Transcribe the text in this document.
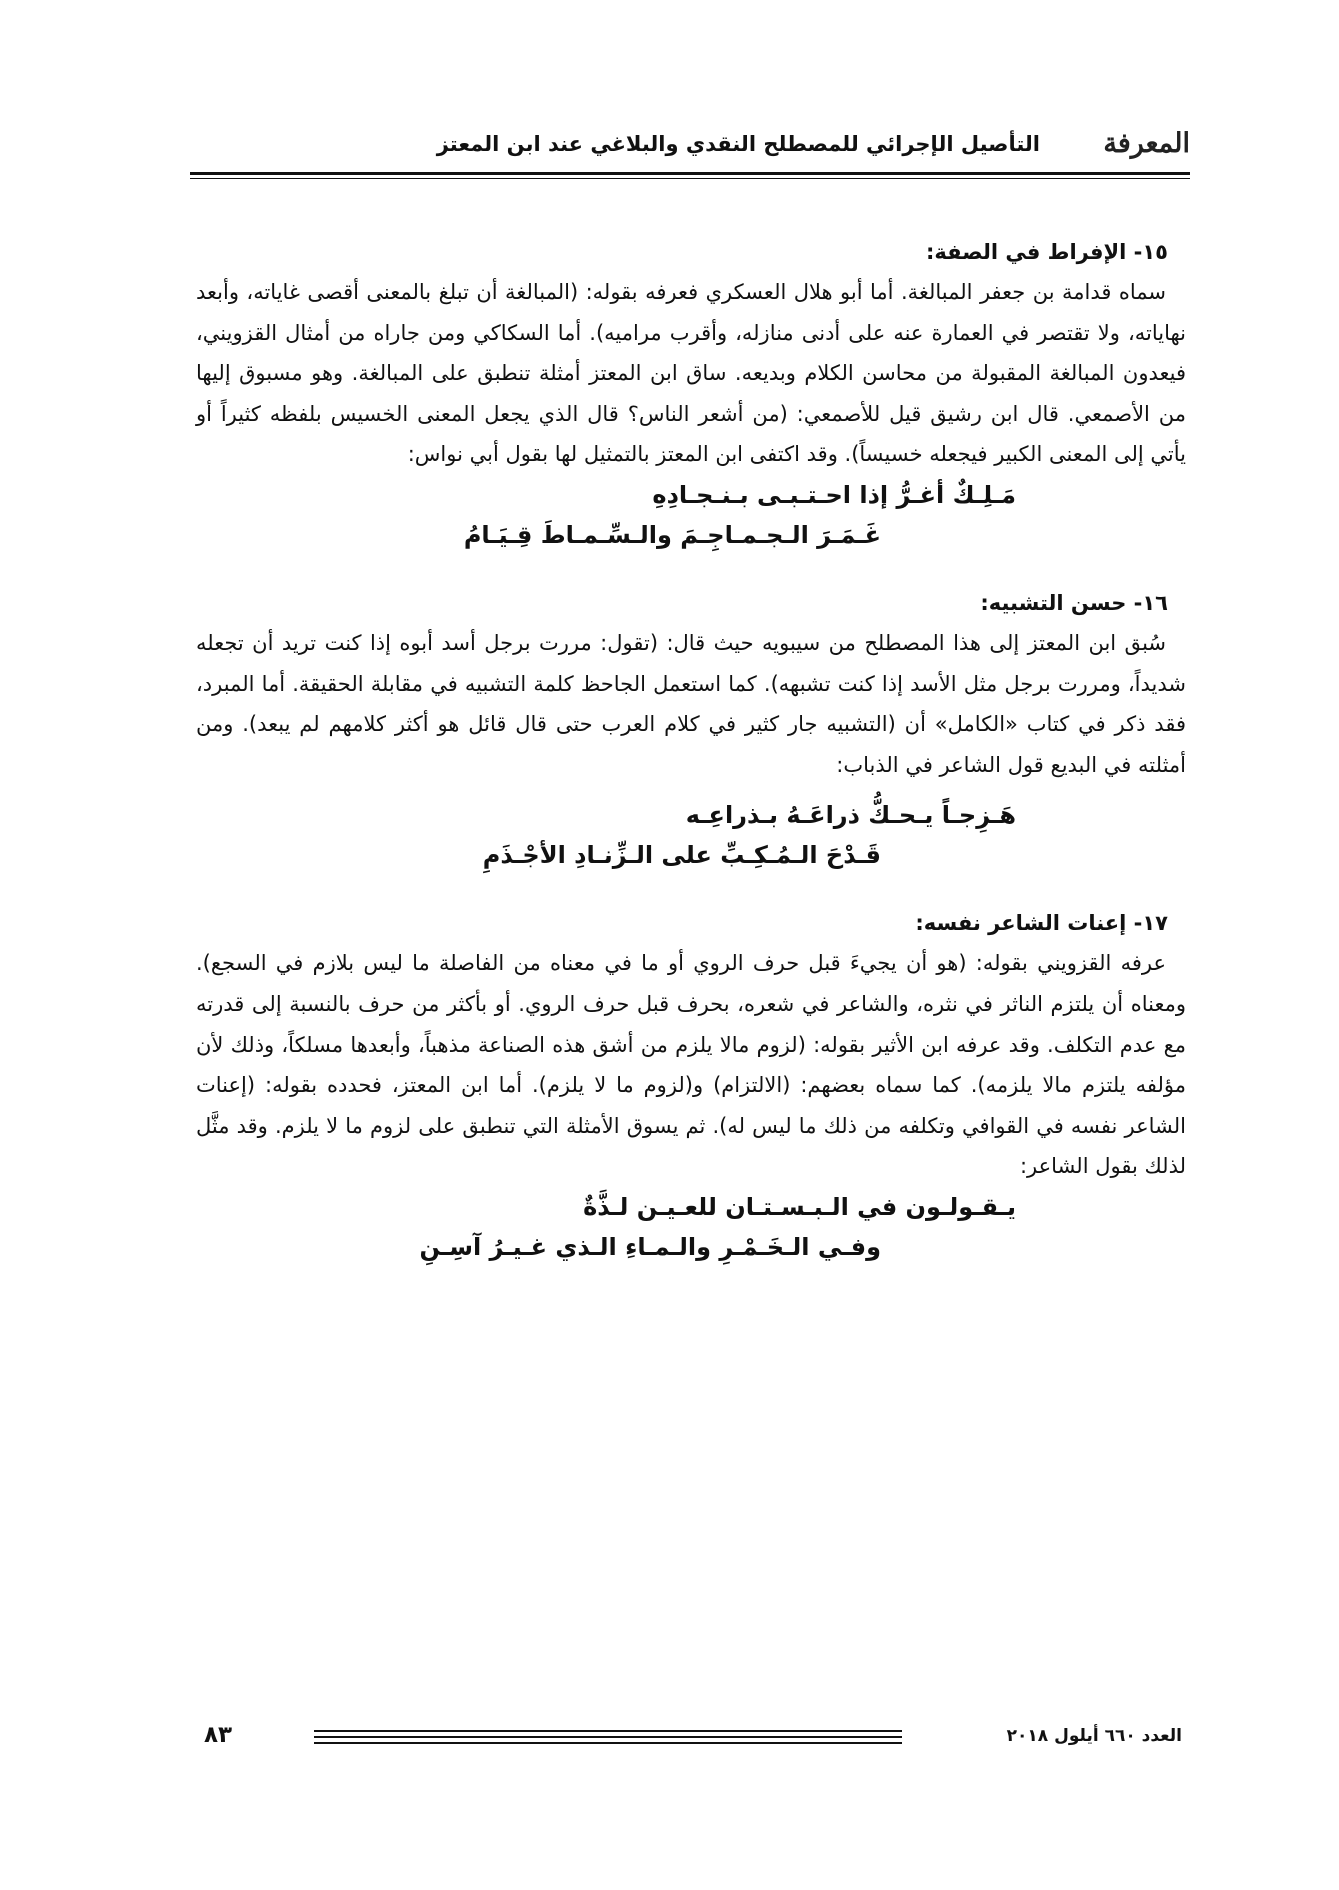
المعرفة
التأصيل الإجرائي للمصطلح النقدي والبلاغي عند ابن المعتز

١٥- الإفراط في الصفة:

سماه قدامة بن جعفر المبالغة. أما أبو هلال العسكري فعرفه بقوله: (المبالغة أن تبلغ بالمعنى أقصى غاياته، وأبعد نهاياته، ولا تقتصر في العمارة عنه على أدنى منازله، وأقرب مراميه). أما السكاكي ومن جاراه من أمثال القزويني، فيعدون المبالغة المقبولة من محاسن الكلام وبديعه. ساق ابن المعتز أمثلة تنطبق على المبالغة. وهو مسبوق إليها من الأصمعي. قال ابن رشيق قيل للأصمعي: (من أشعر الناس؟ قال الذي يجعل المعنى الخسيس بلفظه كثيراً أو يأتي إلى المعنى الكبير فيجعله خسيساً). وقد اكتفى ابن المعتز بالتمثيل لها بقول أبي نواس:

مَـلِـكٌ أغـرُّ إذا احـتـبـى بـنـجـادِهِ

غَـمَـرَ الـجـمـاجِـمَ والـسِّـمـاطَ قِـيَـامُ

١٦- حسن التشبيه:

سُبق ابن المعتز إلى هذا المصطلح من سيبويه حيث قال: (تقول: مررت برجل أسد أبوه إذا كنت تريد أن تجعله شديداً، ومررت برجل مثل الأسد إذا كنت تشبهه). كما استعمل الجاحظ كلمة التشبيه في مقابلة الحقيقة. أما المبرد، فقد ذكر في كتاب «الكامل» أن (التشبيه جار كثير في كلام العرب حتى قال قائل هو أكثر كلامهم لم يبعد). ومن أمثلته في البديع قول الشاعر في الذباب:

هَـزِجـاً يـحـكُّ ذراعَـهُ بـذراعِـه

قَـدْحَ الـمُـكِـبِّ على الـزِّنـادِ الأجْـذَمِ

١٧- إعنات الشاعر نفسه:

عرفه القزويني بقوله: (هو أن يجيءَ قبل حرف الروي أو ما في معناه من الفاصلة ما ليس بلازم في السجع). ومعناه أن يلتزم الناثر في نثره، والشاعر في شعره، بحرف قبل حرف الروي. أو بأكثر من حرف بالنسبة إلى قدرته مع عدم التكلف. وقد عرفه ابن الأثير بقوله: (لزوم مالا يلزم من أشق هذه الصناعة مذهباً، وأبعدها مسلكاً، وذلك لأن مؤلفه يلتزم مالا يلزمه). كما سماه بعضهم: (الالتزام) و(لزوم ما لا يلزم). أما ابن المعتز، فحدده بقوله: (إعنات الشاعر نفسه في القوافي وتكلفه من ذلك ما ليس له). ثم يسوق الأمثلة التي تنطبق على لزوم ما لا يلزم. وقد مثَّل لذلك بقول الشاعر:

يـقـولـون في الـبـسـتـان للعـيـن لـذَّةٌ

وفـي الـخَـمْـرِ والـمـاءِ الـذي غـيـرُ آسِـنِ

العدد ٦٦٠ أيلول ٢٠١٨
٨٣
